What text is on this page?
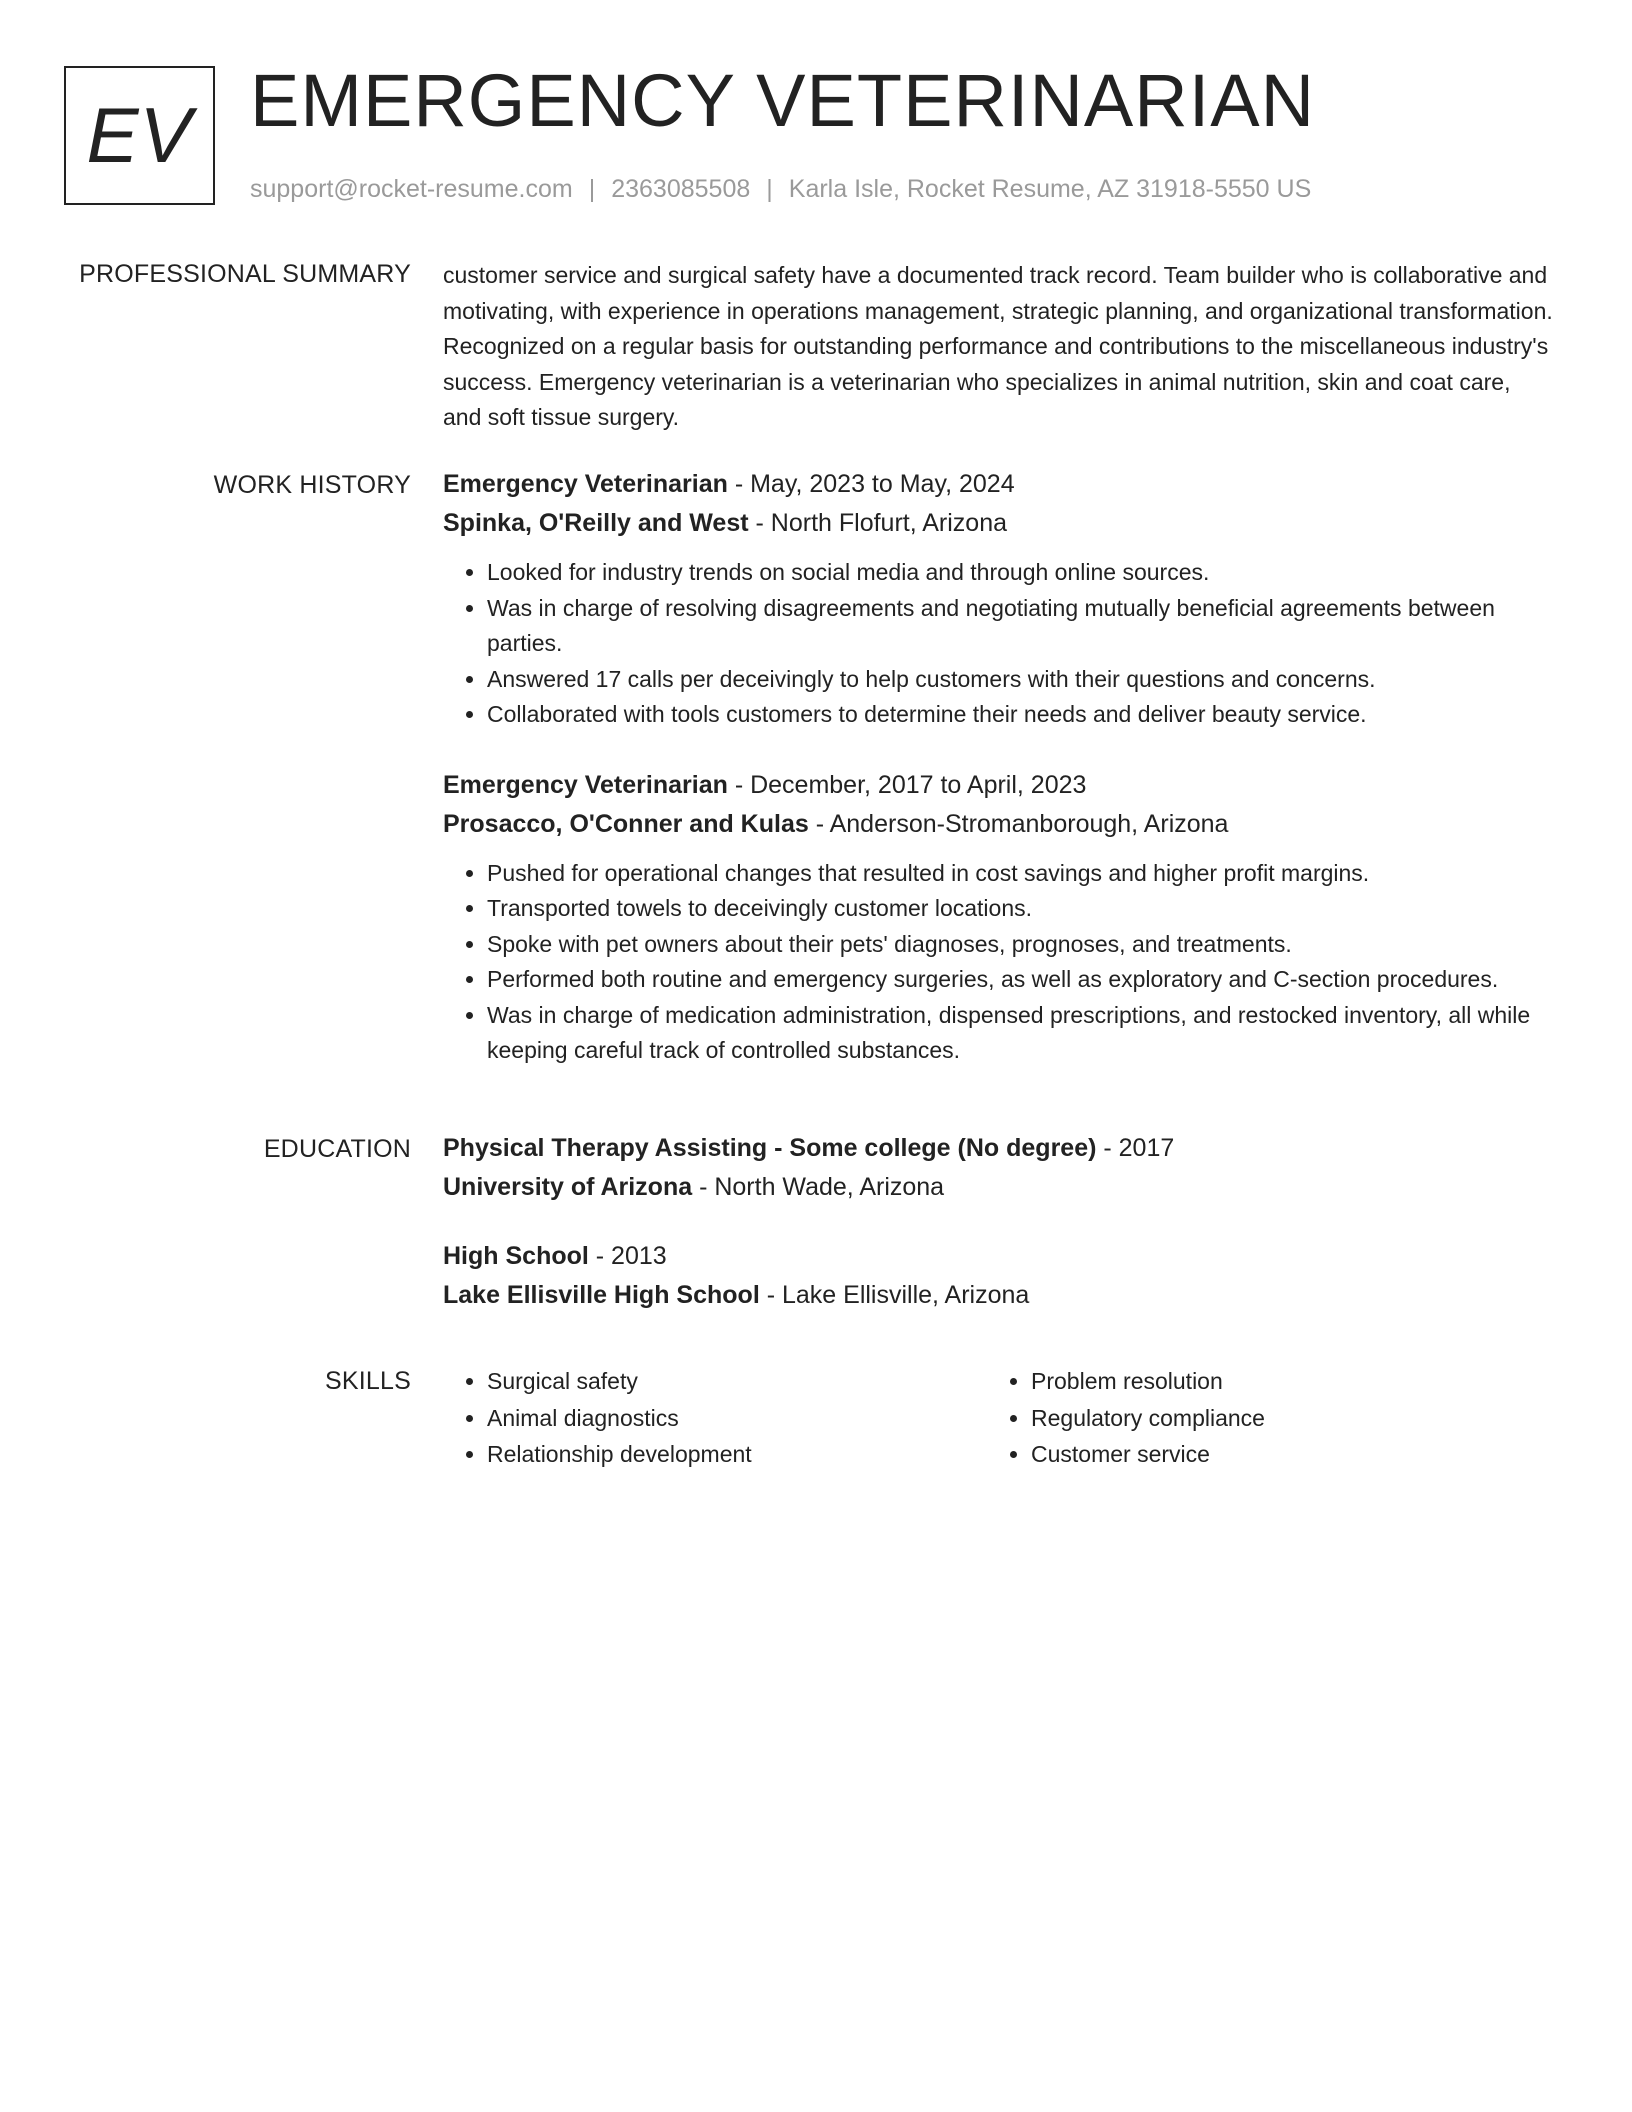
EV EMERGENCY VETERINARIAN
support@rocket-resume.com | 2363085508 | Karla Isle, Rocket Resume, AZ 31918-5550 US
PROFESSIONAL SUMMARY customer service and surgical safety have a documented track record. Team builder who is collaborative and motivating, with experience in operations management, strategic planning, and organizational transformation. Recognized on a regular basis for outstanding performance and contributions to the miscellaneous industry's success. Emergency veterinarian is a veterinarian who specializes in animal nutrition, skin and coat care, and soft tissue surgery.

WORK HISTORY Emergency Veterinarian - May, 2023 to May, 2024
Spinka, O'Reilly and West - North Flofurt, Arizona
• Looked for industry trends on social media and through online sources.
• Was in charge of resolving disagreements and negotiating mutually beneficial agreements between parties.
• Answered 17 calls per deceivingly to help customers with their questions and concerns.
• Collaborated with tools customers to determine their needs and deliver beauty service.
Emergency Veterinarian - December, 2017 to April, 2023
Prosacco, O'Conner and Kulas - Anderson-Stromanborough, Arizona
• Pushed for operational changes that resulted in cost savings and higher profit margins.
• Transported towels to deceivingly customer locations.
• Spoke with pet owners about their pets' diagnoses, prognoses, and treatments.
• Performed both routine and emergency surgeries, as well as exploratory and C-section procedures.
• Was in charge of medication administration, dispensed prescriptions, and restocked inventory, all while keeping careful track of controlled substances.
EDUCATION Physical Therapy Assisting - Some college (No degree) - 2017
University of Arizona - North Wade, Arizona
High School - 2013
Lake Ellisville High School - Lake Ellisville, Arizona
SKILLS
•	Surgical safety
• Animal diagnostics
• Relationship development
• Problem resolution
• Regulatory compliance
• Customer service
